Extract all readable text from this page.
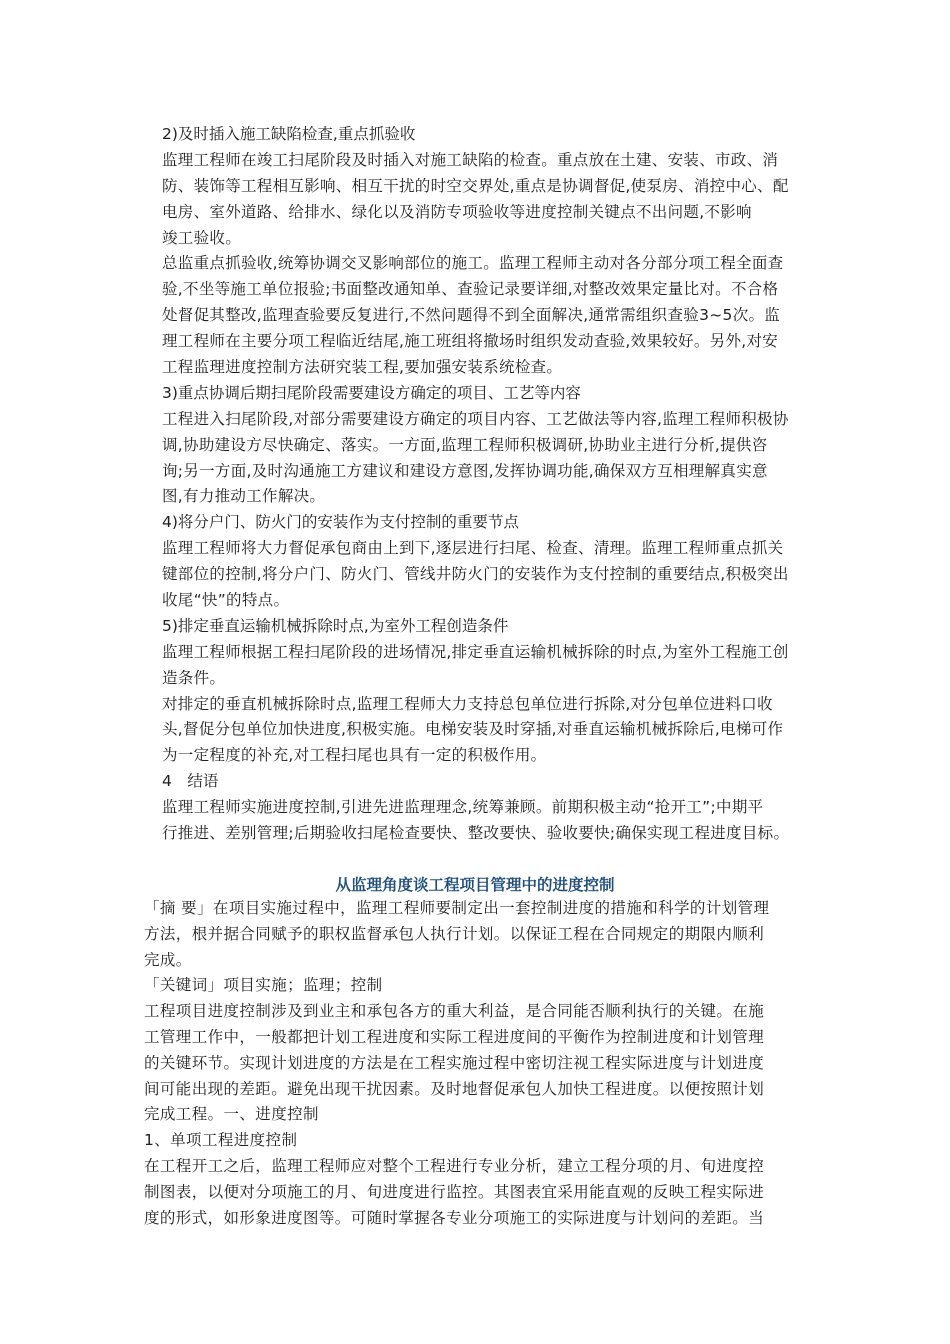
2)及时插入施工缺陷检查,重点抓验收
监理工程师在竣工扫尾阶段及时插入对施工缺陷的检查。重点放在土建、安装、市政、消
防、装饰等工程相互影响、相互干扰的时空交界处,重点是协调督促,使泵房、消控中心、配
电房、室外道路、给排水、绿化以及消防专项验收等进度控制关键点不出问题,不影响
竣工验收。
总监重点抓验收,统筹协调交叉影响部位的施工。监理工程师主动对各分部分项工程全面查
验,不坐等施工单位报验;书面整改通知单、查验记录要详细,对整改效果定量比对。不合格
处督促其整改,监理查验要反复进行,不然问题得不到全面解决,通常需组织查验3~5次。监
理工程师在主要分项工程临近结尾,施工班组将撤场时组织发动查验,效果较好。另外,对安
工程监理进度控制方法研究装工程,要加强安装系统检查。
3)重点协调后期扫尾阶段需要建设方确定的项目、工艺等内容
工程进入扫尾阶段,对部分需要建设方确定的项目内容、工艺做法等内容,监理工程师积极协
调,协助建设方尽快确定、落实。一方面,监理工程师积极调研,协助业主进行分析,提供咨
询;另一方面,及时沟通施工方建议和建设方意图,发挥协调功能,确保双方互相理解真实意
图,有力推动工作解决。
4)将分户门、防火门的安装作为支付控制的重要节点
监理工程师将大力督促承包商由上到下,逐层进行扫尾、检查、清理。监理工程师重点抓关
键部位的控制,将分户门、防火门、管线井防火门的安装作为支付控制的重要结点,积极突出
收尾“快”的特点。
5)排定垂直运输机械拆除时点,为室外工程创造条件
监理工程师根据工程扫尾阶段的进场情况,排定垂直运输机械拆除的时点,为室外工程施工创
造条件。
对排定的垂直机械拆除时点,监理工程师大力支持总包单位进行拆除,对分包单位进料口收
头,督促分包单位加快进度,积极实施。电梯安装及时穿插,对垂直运输机械拆除后,电梯可作
为一定程度的补充,对工程扫尾也具有一定的积极作用。
4　结语
监理工程师实施进度控制,引进先进监理理念,统筹兼顾。前期积极主动“抢开工”;中期平
行推进、差别管理;后期验收扫尾检查要快、整改要快、验收要快;确保实现工程进度目标。
从监理角度谈工程项目管理中的进度控制
「摘 要」在项目实施过程中，监理工程师要制定出一套控制进度的措施和科学的计划管理
方法，根并据合同赋予的职权监督承包人执行计划。以保证工程在合同规定的期限内顺利
完成。
「关键词」项目实施；监理；控制
工程项目进度控制涉及到业主和承包各方的重大利益，是合同能否顺利执行的关键。在施
工管理工作中，一般都把计划工程进度和实际工程进度间的平衡作为控制进度和计划管理
的关键环节。实现计划进度的方法是在工程实施过程中密切注视工程实际进度与计划进度
间可能出现的差距。避免出现干扰因素。及时地督促承包人加快工程进度。以便按照计划
完成工程。一、进度控制
1、单项工程进度控制
在工程开工之后，监理工程师应对整个工程进行专业分析，建立工程分项的月、旬进度控
制图表，以便对分项施工的月、旬进度进行监控。其图表宜采用能直观的反映工程实际进
度的形式，如形象进度图等。可随时掌握各专业分项施工的实际进度与计划问的差距。当
